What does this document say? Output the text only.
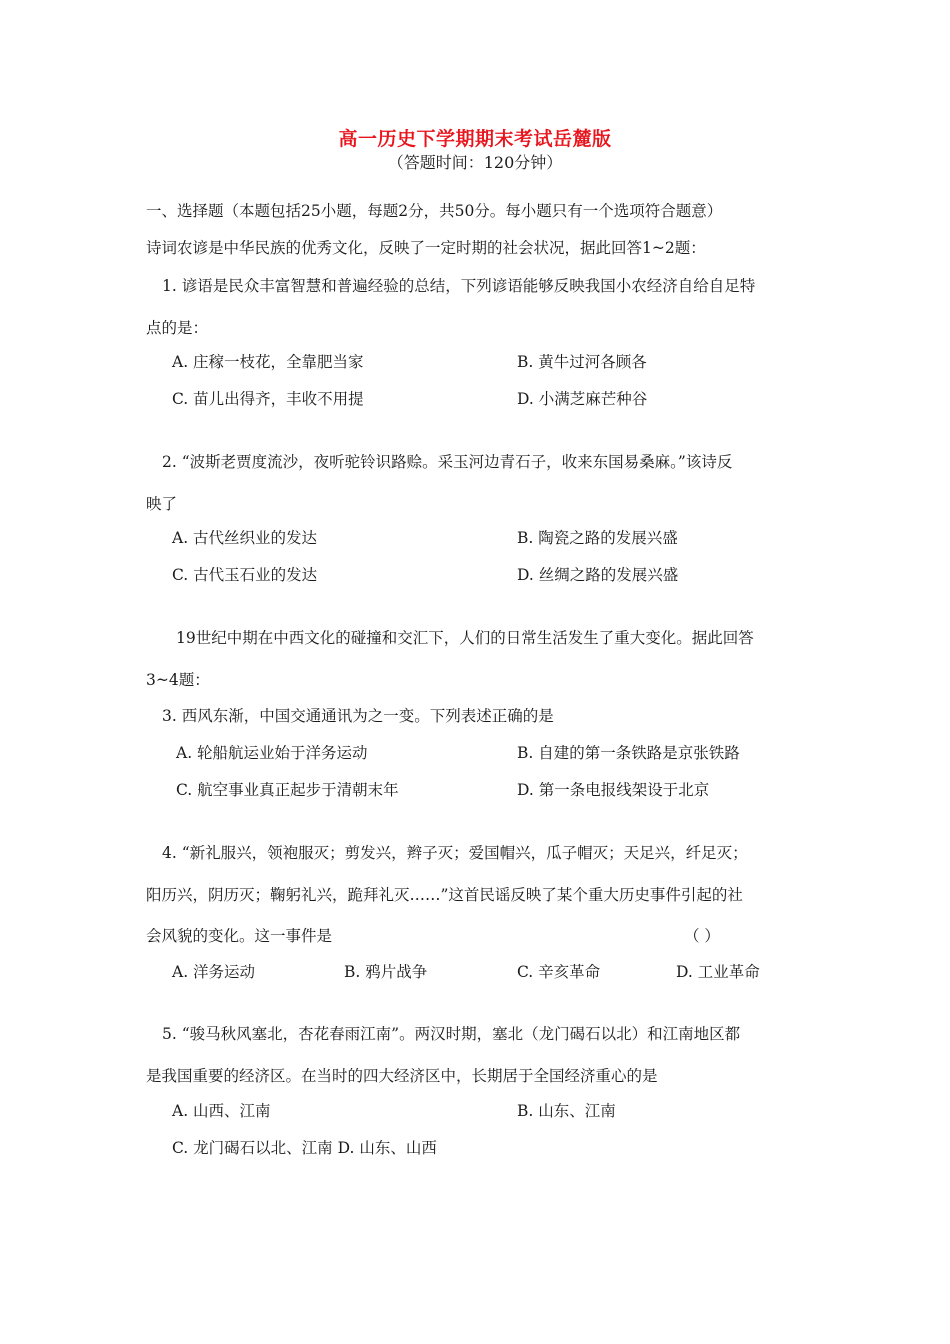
高一历史下学期期末考试岳麓版
（答题时间：120分钟）
一、选择题（本题包括25小题，每题2分，共50分。每小题只有一个选项符合题意）
诗词农谚是中华民族的优秀文化，反映了一定时期的社会状况，据此回答1~2题：
1. 谚语是民众丰富智慧和普遍经验的总结，下列谚语能够反映我国小农经济自给自足特
点的是：
A. 庄稼一枝花，全靠肥当家	B. 黄牛过河各顾各
C. 苗儿出得齐，丰收不用提	D. 小满芝麻芒种谷
2. “波斯老贾度流沙，夜听驼铃识路赊。采玉河边青石子，收来东国易桑麻。”该诗反
映了
A. 古代丝织业的发达	B. 陶瓷之路的发展兴盛
C. 古代玉石业的发达	D. 丝绸之路的发展兴盛
19世纪中期在中西文化的碰撞和交汇下，人们的日常生活发生了重大变化。据此回答
3~4题：
3. 西风东渐，中国交通通讯为之一变。下列表述正确的是
A. 轮船航运业始于洋务运动	B. 自建的第一条铁路是京张铁路
C. 航空事业真正起步于清朝末年	D. 第一条电报线架设于北京
4. “新礼服兴，领袍服灭；剪发兴，辫子灭；爱国帽兴，瓜子帽灭；天足兴，纤足灭；
阳历兴，阴历灭；鞠躬礼兴，跪拜礼灭……”这首民谣反映了某个重大历史事件引起的社
会风貌的变化。这一事件是	（ ）
A. 洋务运动	B. 鸦片战争	C. 辛亥革命	D. 工业革命
5. “骏马秋风塞北，杏花春雨江南”。两汉时期，塞北（龙门碣石以北）和江南地区都
是我国重要的经济区。在当时的四大经济区中，长期居于全国经济重心的是
A. 山西、江南	B. 山东、江南
C. 龙门碣石以北、江南 D. 山东、山西
